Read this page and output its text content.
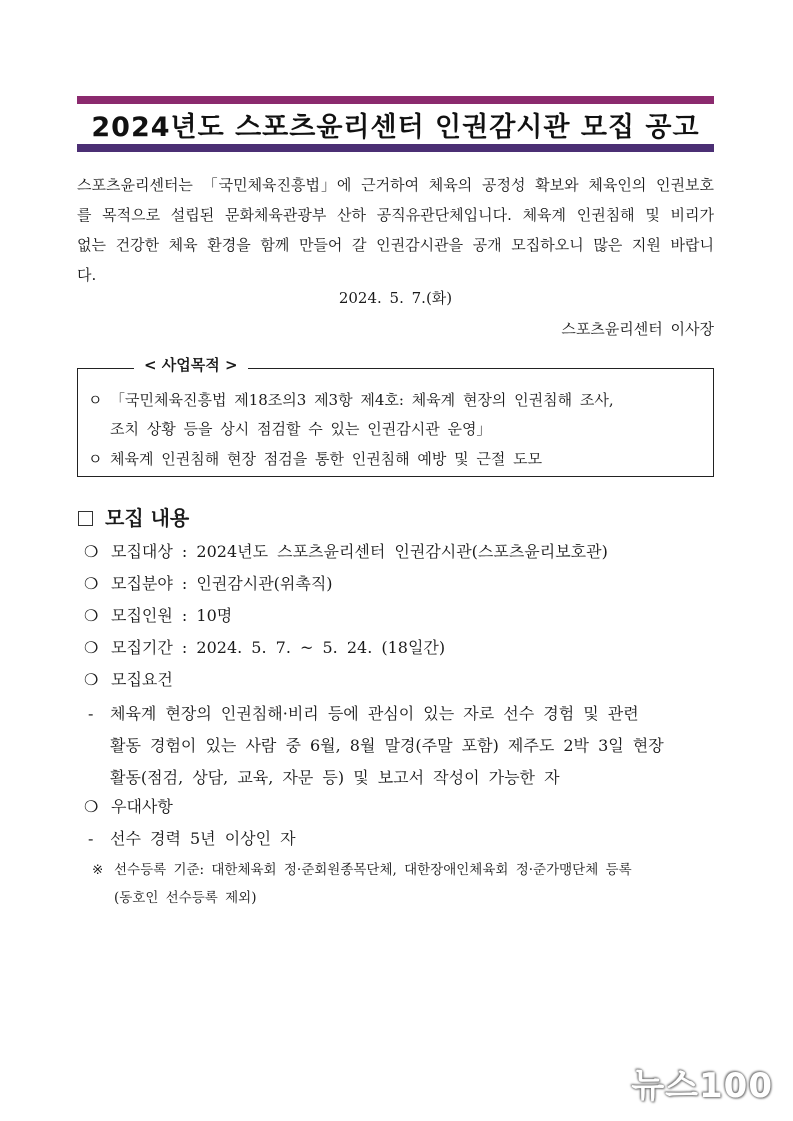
2024년도 스포츠윤리센터 인권감시관 모집 공고

스포츠윤리센터는 「국민체육진흥법」에 근거하여 체육의 공정성 확보와 체육인의 인권보호를 목적으로 설립된 문화체육관광부 산하 공직유관단체입니다. 체육계 인권침해 및 비리가 없는 건강한 체육 환경을 함께 만들어 갈 인권감시관을 공개 모집하오니 많은 지원 바랍니다.

2024. 5. 7.(화)
스포츠윤리센터 이사장
< 사업목적 >
ㅇ 「국민체육진흥법 제18조의3 제3항 제4호: 체육계 현장의 인권침해 조사,
조치 상황 등을 상시 점검할 수 있는 인권감시관 운영」
ㅇ 체육계 인권침해 현장 점검을 통한 인권침해 예방 및 근절 도모
모집 내용
❍ 모집대상 : 2024년도 스포츠윤리센터 인권감시관(스포츠윤리보호관)
❍ 모집분야 : 인권감시관(위촉직)
❍ 모집인원 : 10명
❍ 모집기간 : 2024. 5. 7. ~ 5. 24. (18일간)
❍ 모집요건
- 체육계 현장의 인권침해·비리 등에 관심이 있는 자로 선수 경험 및 관련
활동 경험이 있는 사람 중 6월, 8월 말경(주말 포함) 제주도 2박 3일 현장
활동(점검, 상담, 교육, 자문 등) 및 보고서 작성이 가능한 자
❍ 우대사항
- 선수 경력 5년 이상인 자
※ 선수등록 기준: 대한체육회 정·준회원종목단체, 대한장애인체육회 정·준가맹단체 등록
(동호인 선수등록 제외)
뉴스100
